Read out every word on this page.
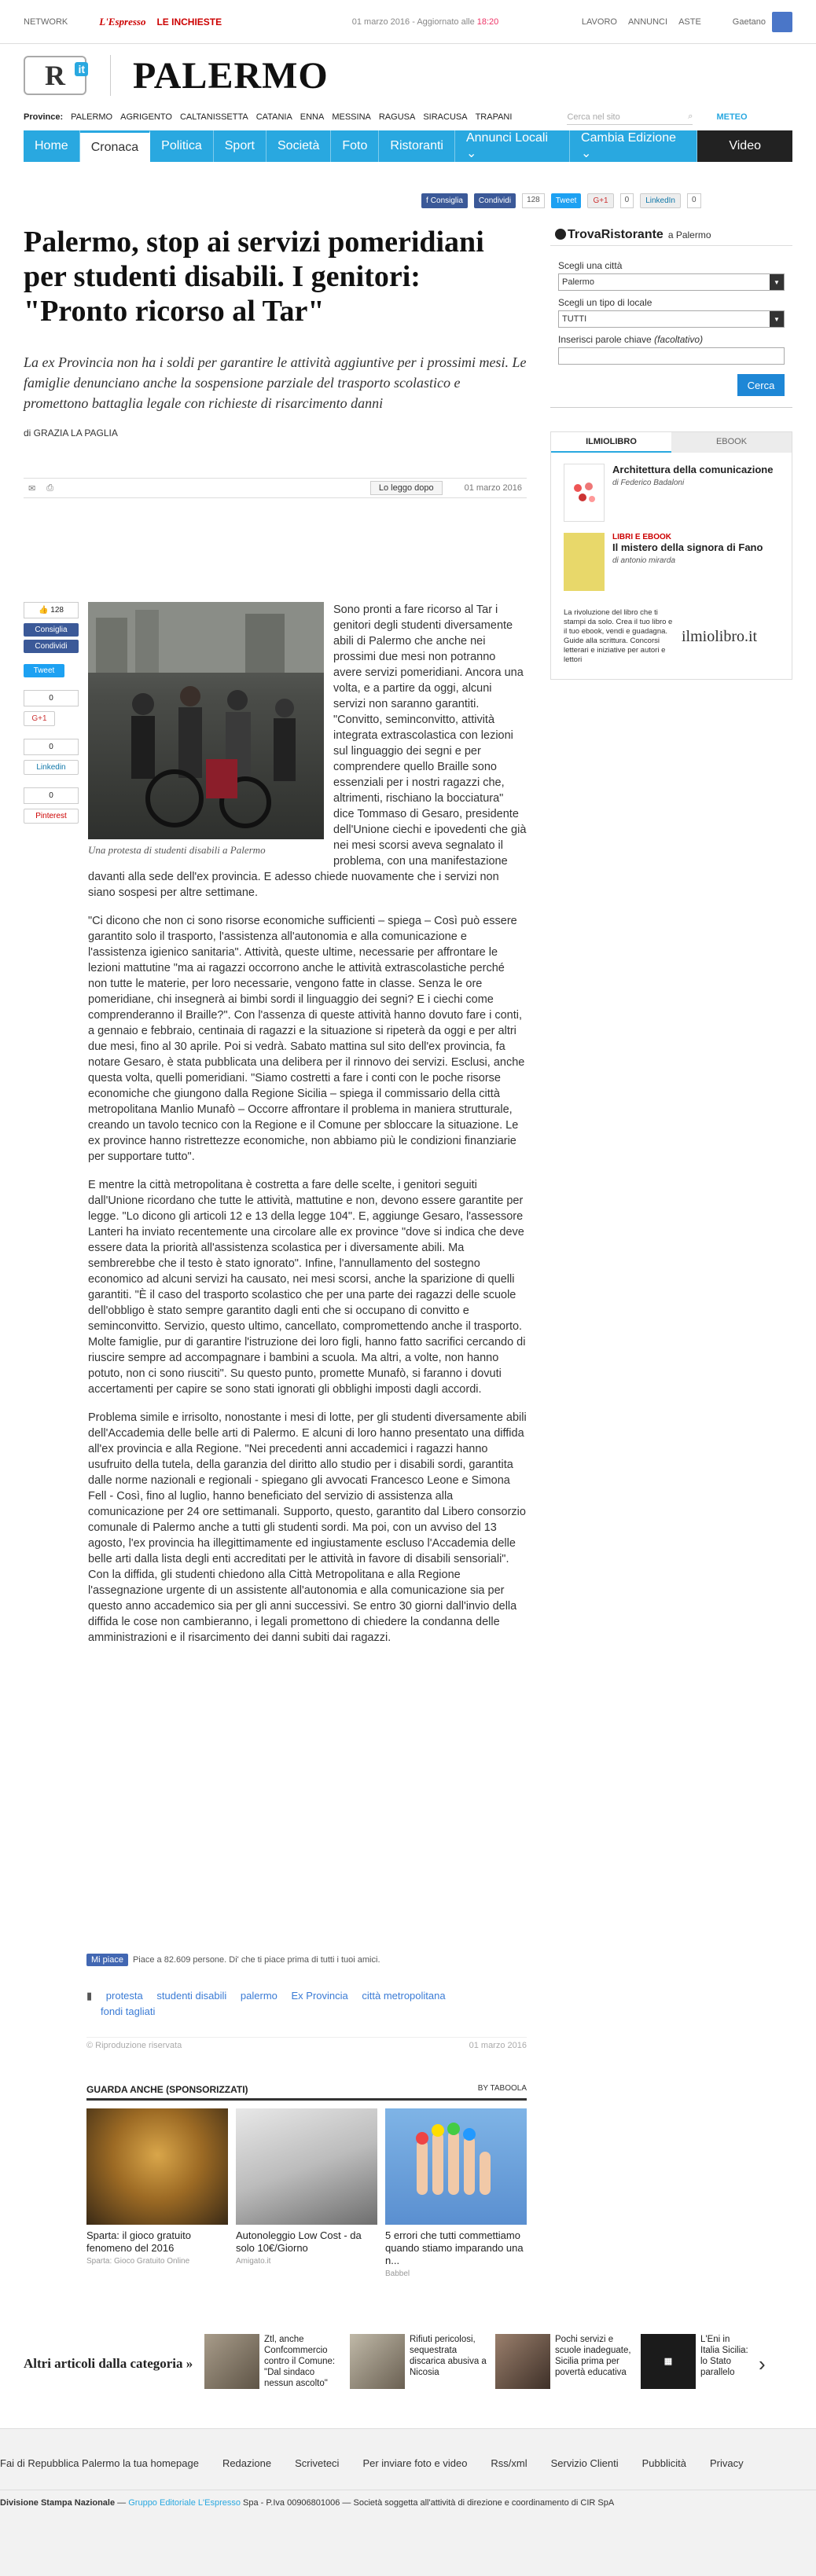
NETWORK	L'Espresso LE INCHIESTE	01 marzo 2016 - Aggiornato alle 18:20	LAVORO ANNUNCI ASTE	Gaetano
R it PALERMO
Province: PALERMO AGRIGENTO CALTANISSETTA CATANIA ENNA MESSINA RAGUSA SIRACUSA TRAPANI	Cerca nel sito	⌕	METEO
Home	Cronaca	Politica	Sport	Società	Foto	Ristoranti
Annunci Locali ⌄
Cambia Edizione ⌄
Video
f Consiglia	Condividi	128	Tweet	G+1	0	LinkedIn	0
Palermo, stop ai servizi pomeridiani per studenti disabili. I genitori: "Pronto ricorso al Tar"

La ex Provincia non ha i soldi per garantire le attività aggiuntive per i prossimi mesi. Le famiglie denunciano anche la sospensione parziale del trasporto scolastico e promettono battaglia legale con richieste di risarcimento danni

di GRAZIA LA PAGLIA

✉ ⎙	Lo leggo dopo	01 marzo 2016
👍 128
Consiglia
Condividi
Tweet
0
G+1
0
Linkedin
0
Pinterest
Una protesta di studenti disabili a Palermo

Sono pronti a fare ricorso al Tar i genitori degli studenti diversamente abili di Palermo che anche nei prossimi due mesi non potranno avere servizi pomeridiani. Ancora una volta, e a partire da oggi, alcuni servizi non saranno garantiti. "Convitto, seminconvitto, attività integrata extrascolastica con lezioni sul linguaggio dei segni e per comprendere quello Braille sono essenziali per i nostri ragazzi che, altrimenti, rischiano la bocciatura" dice Tommaso di Gesaro, presidente dell'Unione ciechi e ipovedenti che già nei mesi scorsi aveva segnalato il problema, con una manifestazione davanti alla sede dell'ex provincia. E adesso chiede nuovamente che i servizi non siano sospesi per altre settimane.

"Ci dicono che non ci sono risorse economiche sufficienti – spiega – Così può essere garantito solo il trasporto, l'assistenza all'autonomia e alla comunicazione e l'assistenza igienico sanitaria". Attività, queste ultime, necessarie per affrontare le lezioni mattutine "ma ai ragazzi occorrono anche le attività extrascolastiche perché non tutte le materie, per loro necessarie, vengono fatte in classe. Senza le ore pomeridiane, chi insegnerà ai bimbi sordi il linguaggio dei segni? E i ciechi come comprenderanno il Braille?". Con l'assenza di queste attività hanno dovuto fare i conti, a gennaio e febbraio, centinaia di ragazzi e la situazione si ripeterà da oggi e per altri due mesi, fino al 30 aprile. Poi si vedrà. Sabato mattina sul sito dell'ex provincia, fa notare Gesaro, è stata pubblicata una delibera per il rinnovo dei servizi. Esclusi, anche questa volta, quelli pomeridiani. "Siamo costretti a fare i conti con le poche risorse economiche che giungono dalla Regione Sicilia – spiega il commissario della città metropolitana Manlio Munafò – Occorre affrontare il problema in maniera strutturale, creando un tavolo tecnico con la Regione e il Comune per sbloccare la situazione. Le ex province hanno ristrettezze economiche, non abbiamo più le condizioni finanziarie per supportare tutto".

E mentre la città metropolitana è costretta a fare delle scelte, i genitori seguiti dall'Unione ricordano che tutte le attività, mattutine e non, devono essere garantite per legge. "Lo dicono gli articoli 12 e 13 della legge 104". E, aggiunge Gesaro, l'assessore Lanteri ha inviato recentemente una circolare alle ex province "dove si indica che deve essere data la priorità all'assistenza scolastica per i diversamente abili. Ma sembrerebbe che il testo è stato ignorato". Infine, l'annullamento del sostegno economico ad alcuni servizi ha causato, nei mesi scorsi, anche la sparizione di quelli garantiti. "È il caso del trasporto scolastico che per una parte dei ragazzi delle scuole dell'obbligo è stato sempre garantito dagli enti che si occupano di convitto e seminconvitto. Servizio, questo ultimo, cancellato, compromettendo anche il trasporto. Molte famiglie, pur di garantire l'istruzione dei loro figli, hanno fatto sacrifici cercando di riuscire sempre ad accompagnare i bambini a scuola. Ma altri, a volte, non hanno potuto, non ci sono riusciti". Su questo punto, promette Munafò, si faranno i dovuti accertamenti per capire se sono stati ignorati gli obblighi imposti dagli accordi.

Problema simile e irrisolto, nonostante i mesi di lotte, per gli studenti diversamente abili dell'Accademia delle belle arti di Palermo. E alcuni di loro hanno presentato una diffida all'ex provincia e alla Regione. "Nei precedenti anni accademici i ragazzi hanno usufruito della tutela, della garanzia del diritto allo studio per i disabili sordi, garantita dalle norme nazionali e regionali - spiegano gli avvocati Francesco Leone e Simona Fell - Così, fino al luglio, hanno beneficiato del servizio di assistenza alla comunicazione per 24 ore settimanali. Supporto, questo, garantito dal Libero consorzio comunale di Palermo anche a tutti gli studenti sordi. Ma poi, con un avviso del 13 agosto, l'ex provincia ha illegittimamente ed ingiustamente escluso l'Accademia delle belle arti dalla lista degli enti accreditati per le attività in favore di disabili sensoriali". Con la diffida, gli studenti chiedono alla Città Metropolitana e alla Regione l'assegnazione urgente di un assistente all'autonomia e alla comunicazione sia per questo anno accademico sia per gli anni successivi. Se entro 30 giorni dall'invio della diffida le cose non cambieranno, i legali promettono di chiedere la condanna delle amministrazioni e il risarcimento dei danni subiti dai ragazzi.

Mi piace	Piace a 82.609 persone. Di' che ti piace prima di tutti i tuoi amici.
▮ protesta studenti disabili palermo Ex Provincia città metropolitana
fondi tagliati
© Riproduzione riservata	01 marzo 2016
GUARDA ANCHE (SPONSORIZZATI)	BY TABOOLA
Sparta: il gioco gratuito fenomeno del 2016
Sparta: Gioco Gratuito Online
Autonoleggio Low Cost - da solo 10€/Giorno
Amigato.it
5 errori che tutti commettiamo quando stiamo imparando una n...
Babbel
Altri articoli dalla categoria »
Ztl, anche Confcommercio contro il Comune: "Dal sindaco nessun ascolto"
Rifiuti pericolosi, sequestrata discarica abusiva a Nicosia
Pochi servizi e scuole inadeguate, Sicilia prima per povertà educativa
▦
L'Eni in Italia Sicilia: lo Stato parallelo	›
Fai di Repubblica Palermo la tua homepage Redazione Scriveteci Per inviare foto e video Rss/xml Servizio Clienti Pubblicità Privacy
Divisione Stampa Nazionale — Gruppo Editoriale L'Espresso Spa - P.Iva 00906801006 — Società soggetta all'attività di direzione e coordinamento di CIR SpA
TrovaRistorante a Palermo
Scegli una città
Palermo	▼
Scegli un tipo di locale
TUTTI	▼
Inserisci parole chiave (facoltativo)
Cerca
ILMIOLIBRO	EBOOK
Architettura della comunicazione
di Federico Badaloni
LIBRI E EBOOK
Il mistero della signora di Fano
di antonio mirarda
La rivoluzione del libro che ti stampi da solo. Crea il tuo libro e il tuo ebook, vendi e guadagna. Guide alla scrittura. Concorsi letterari e iniziative per autori e lettori
ilmiolibro.it
